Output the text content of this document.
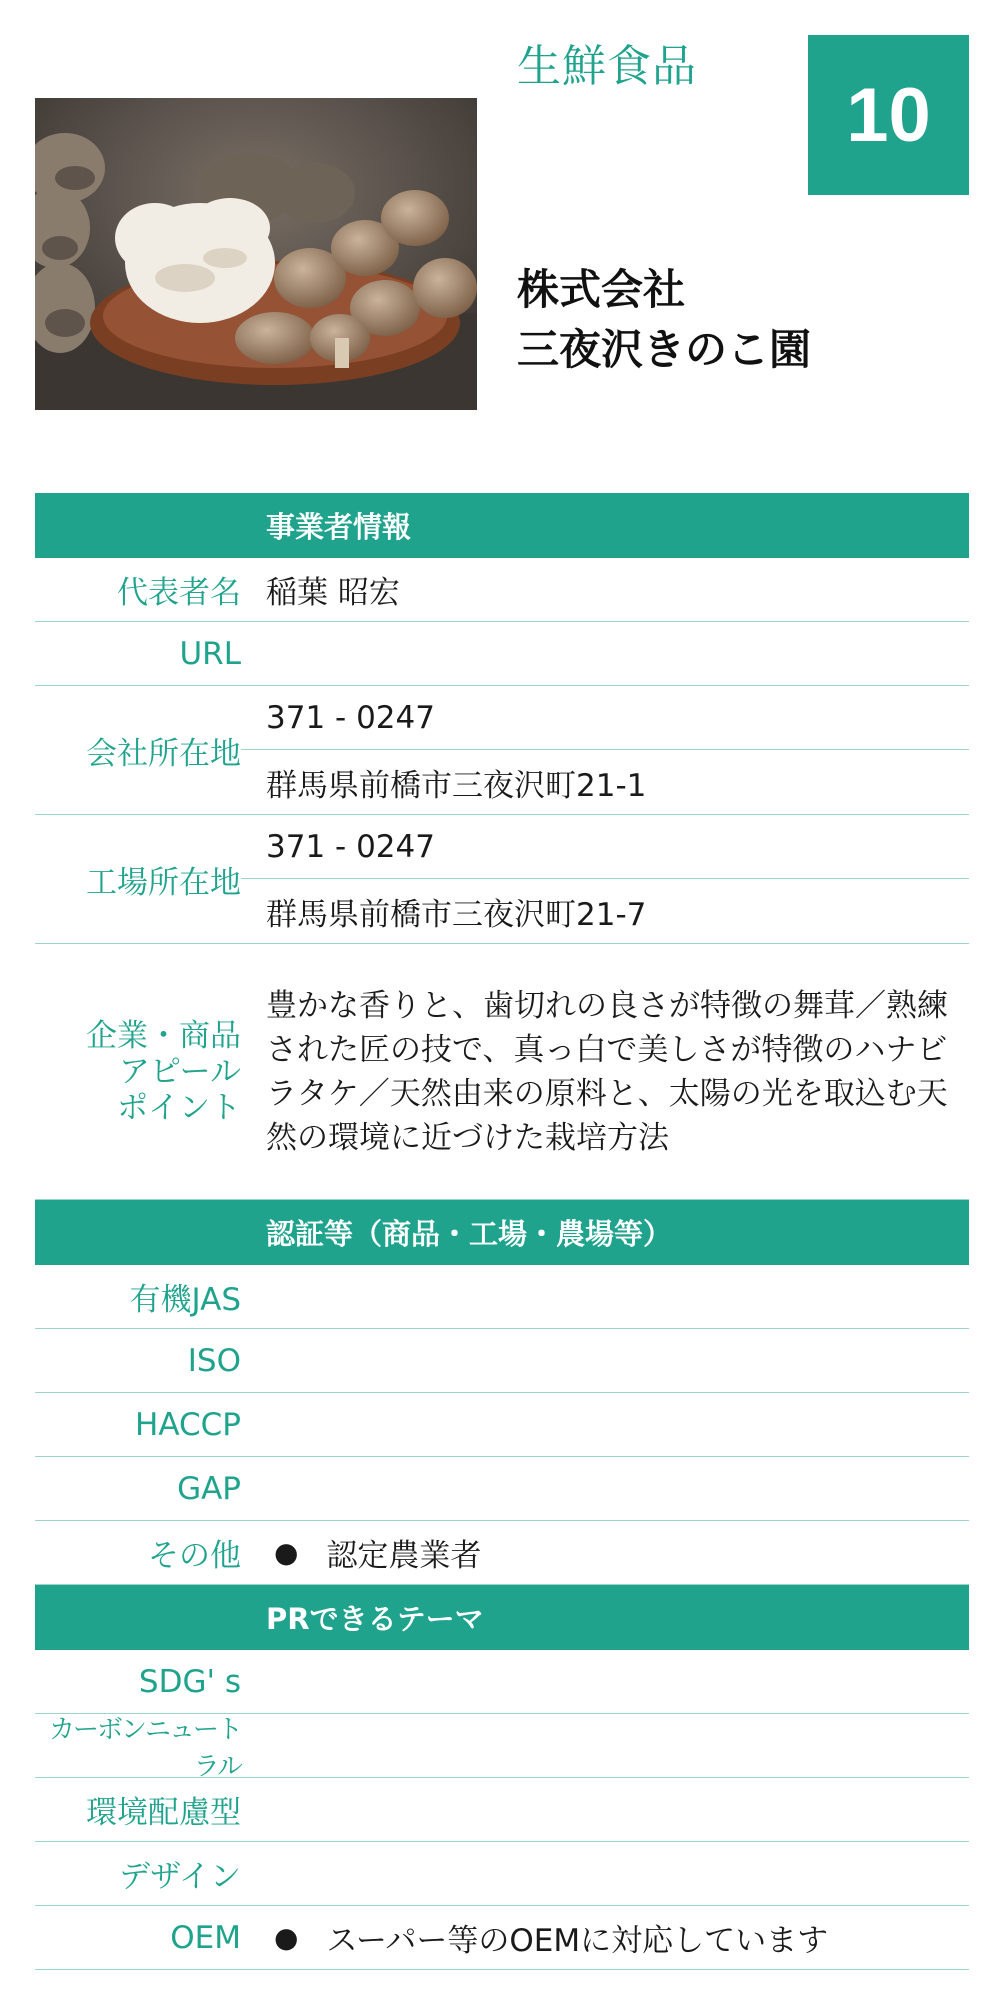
生鮮食品
10
株式会社
三夜沢きのこ園
事業者情報
代表者名 稲葉 昭宏
URL
会社所在地
371 - 0247
群馬県前橋市三夜沢町21-1
工場所在地
371 - 0247
群馬県前橋市三夜沢町21-7
企業・商品
アピール
ポイント
豊かな香りと、歯切れの良さが特徴の舞茸／熟練された匠の技で、真っ白で美しさが特徴のハナビラタケ／天然由来の原料と、太陽の光を取込む天然の環境に近づけた栽培方法
認証等（商品・工場・農場等）
有機JAS
ISO
HACCP
GAP
その他 ● 認定農業者
PRできるテーマ
SDG' s
カーボンニュートラル
環境配慮型
デザイン
OEM ● スーパー等のOEMに対応しています
